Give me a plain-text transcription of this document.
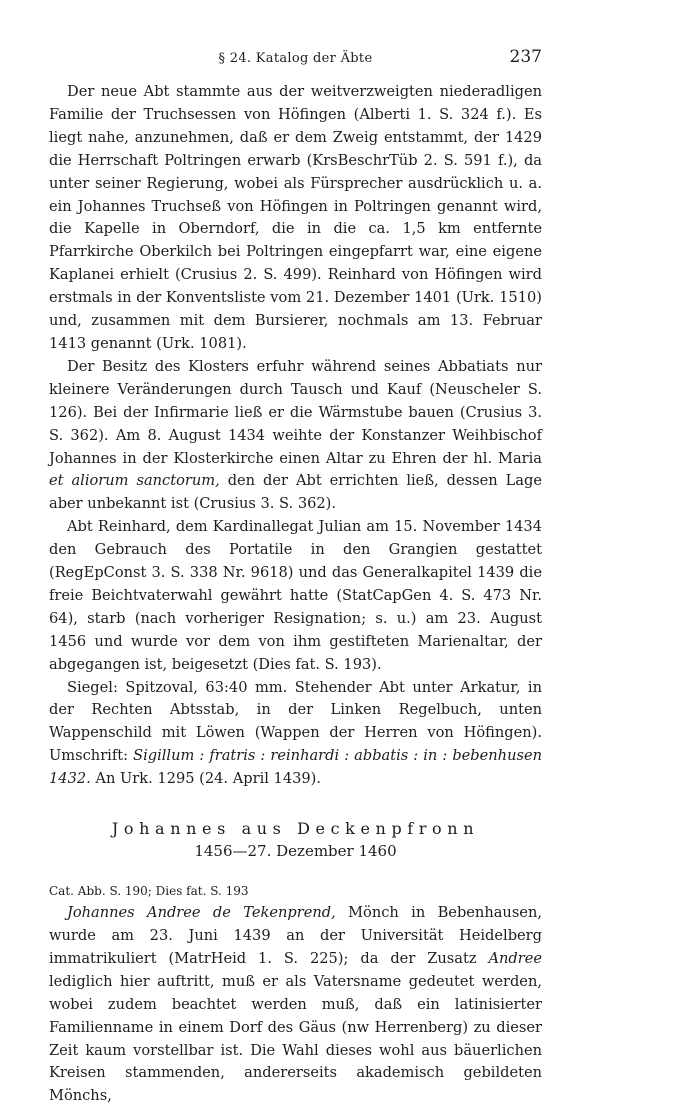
§ 24. Katalog der Äbte	237

Der neue Abt stammte aus der weitverzweigten niederadligen Familie der Truchsessen von Höfingen (Alberti 1. S. 324 f.). Es liegt nahe, anzunehmen, daß er dem Zweig entstammt, der 1429 die Herrschaft Poltringen erwarb (KrsBeschrTüb 2. S. 591 f.), da unter seiner Regierung, wobei als Fürsprecher ausdrücklich u. a. ein Johannes Truchseß von Höfingen in Poltringen genannt wird, die Kapelle in Oberndorf, die in die ca. 1,5 km entfernte Pfarrkirche Oberkilch bei Poltringen eingepfarrt war, eine eigene Kaplanei erhielt (Crusius 2. S. 499). Reinhard von Höfingen wird erstmals in der Konventsliste vom 21. Dezember 1401 (Urk. 1510) und, zusammen mit dem Bursierer, nochmals am 13. Februar 1413 genannt (Urk. 1081).

Der Besitz des Klosters erfuhr während seines Abbatiats nur kleinere Veränderungen durch Tausch und Kauf (Neuscheler S. 126). Bei der Infirmarie ließ er die Wärmstube bauen (Crusius 3. S. 362). Am 8. August 1434 weihte der Konstanzer Weihbischof Johannes in der Klosterkirche einen Altar zu Ehren der hl. Maria et aliorum sanctorum, den der Abt errichten ließ, dessen Lage aber unbekannt ist (Crusius 3. S. 362).

Abt Reinhard, dem Kardinallegat Julian am 15. November 1434 den Gebrauch des Portatile in den Grangien gestattet (RegEpConst 3. S. 338 Nr. 9618) und das Generalkapitel 1439 die freie Beichtvaterwahl gewährt hatte (StatCapGen 4. S. 473 Nr. 64), starb (nach vorheriger Resignation; s. u.) am 23. August 1456 und wurde vor dem von ihm gestifteten Marienaltar, der abgegangen ist, beigesetzt (Dies fat. S. 193).

Siegel: Spitzoval, 63:40 mm. Stehender Abt unter Arkatur, in der Rechten Abtsstab, in der Linken Regelbuch, unten Wappenschild mit Löwen (Wappen der Herren von Höfingen). Umschrift: Sigillum : fratris : reinhardi : abbatis : in : bebenhusen 1432. An Urk. 1295 (24. April 1439).

Johannes aus Deckenpfronn
1456—27. Dezember 1460
Cat. Abb. S. 190; Dies fat. S. 193

Johannes Andree de Tekenprend, Mönch in Bebenhausen, wurde am 23. Juni 1439 an der Universität Heidelberg immatrikuliert (MatrHeid 1. S. 225); da der Zusatz Andree lediglich hier auftritt, muß er als Vatersname gedeutet werden, wobei zudem beachtet werden muß, daß ein latinisierter Familienname in einem Dorf des Gäus (nw Herrenberg) zu dieser Zeit kaum vorstellbar ist. Die Wahl dieses wohl aus bäuerlichen Kreisen stammenden, andererseits akademisch gebildeten Mönchs,
